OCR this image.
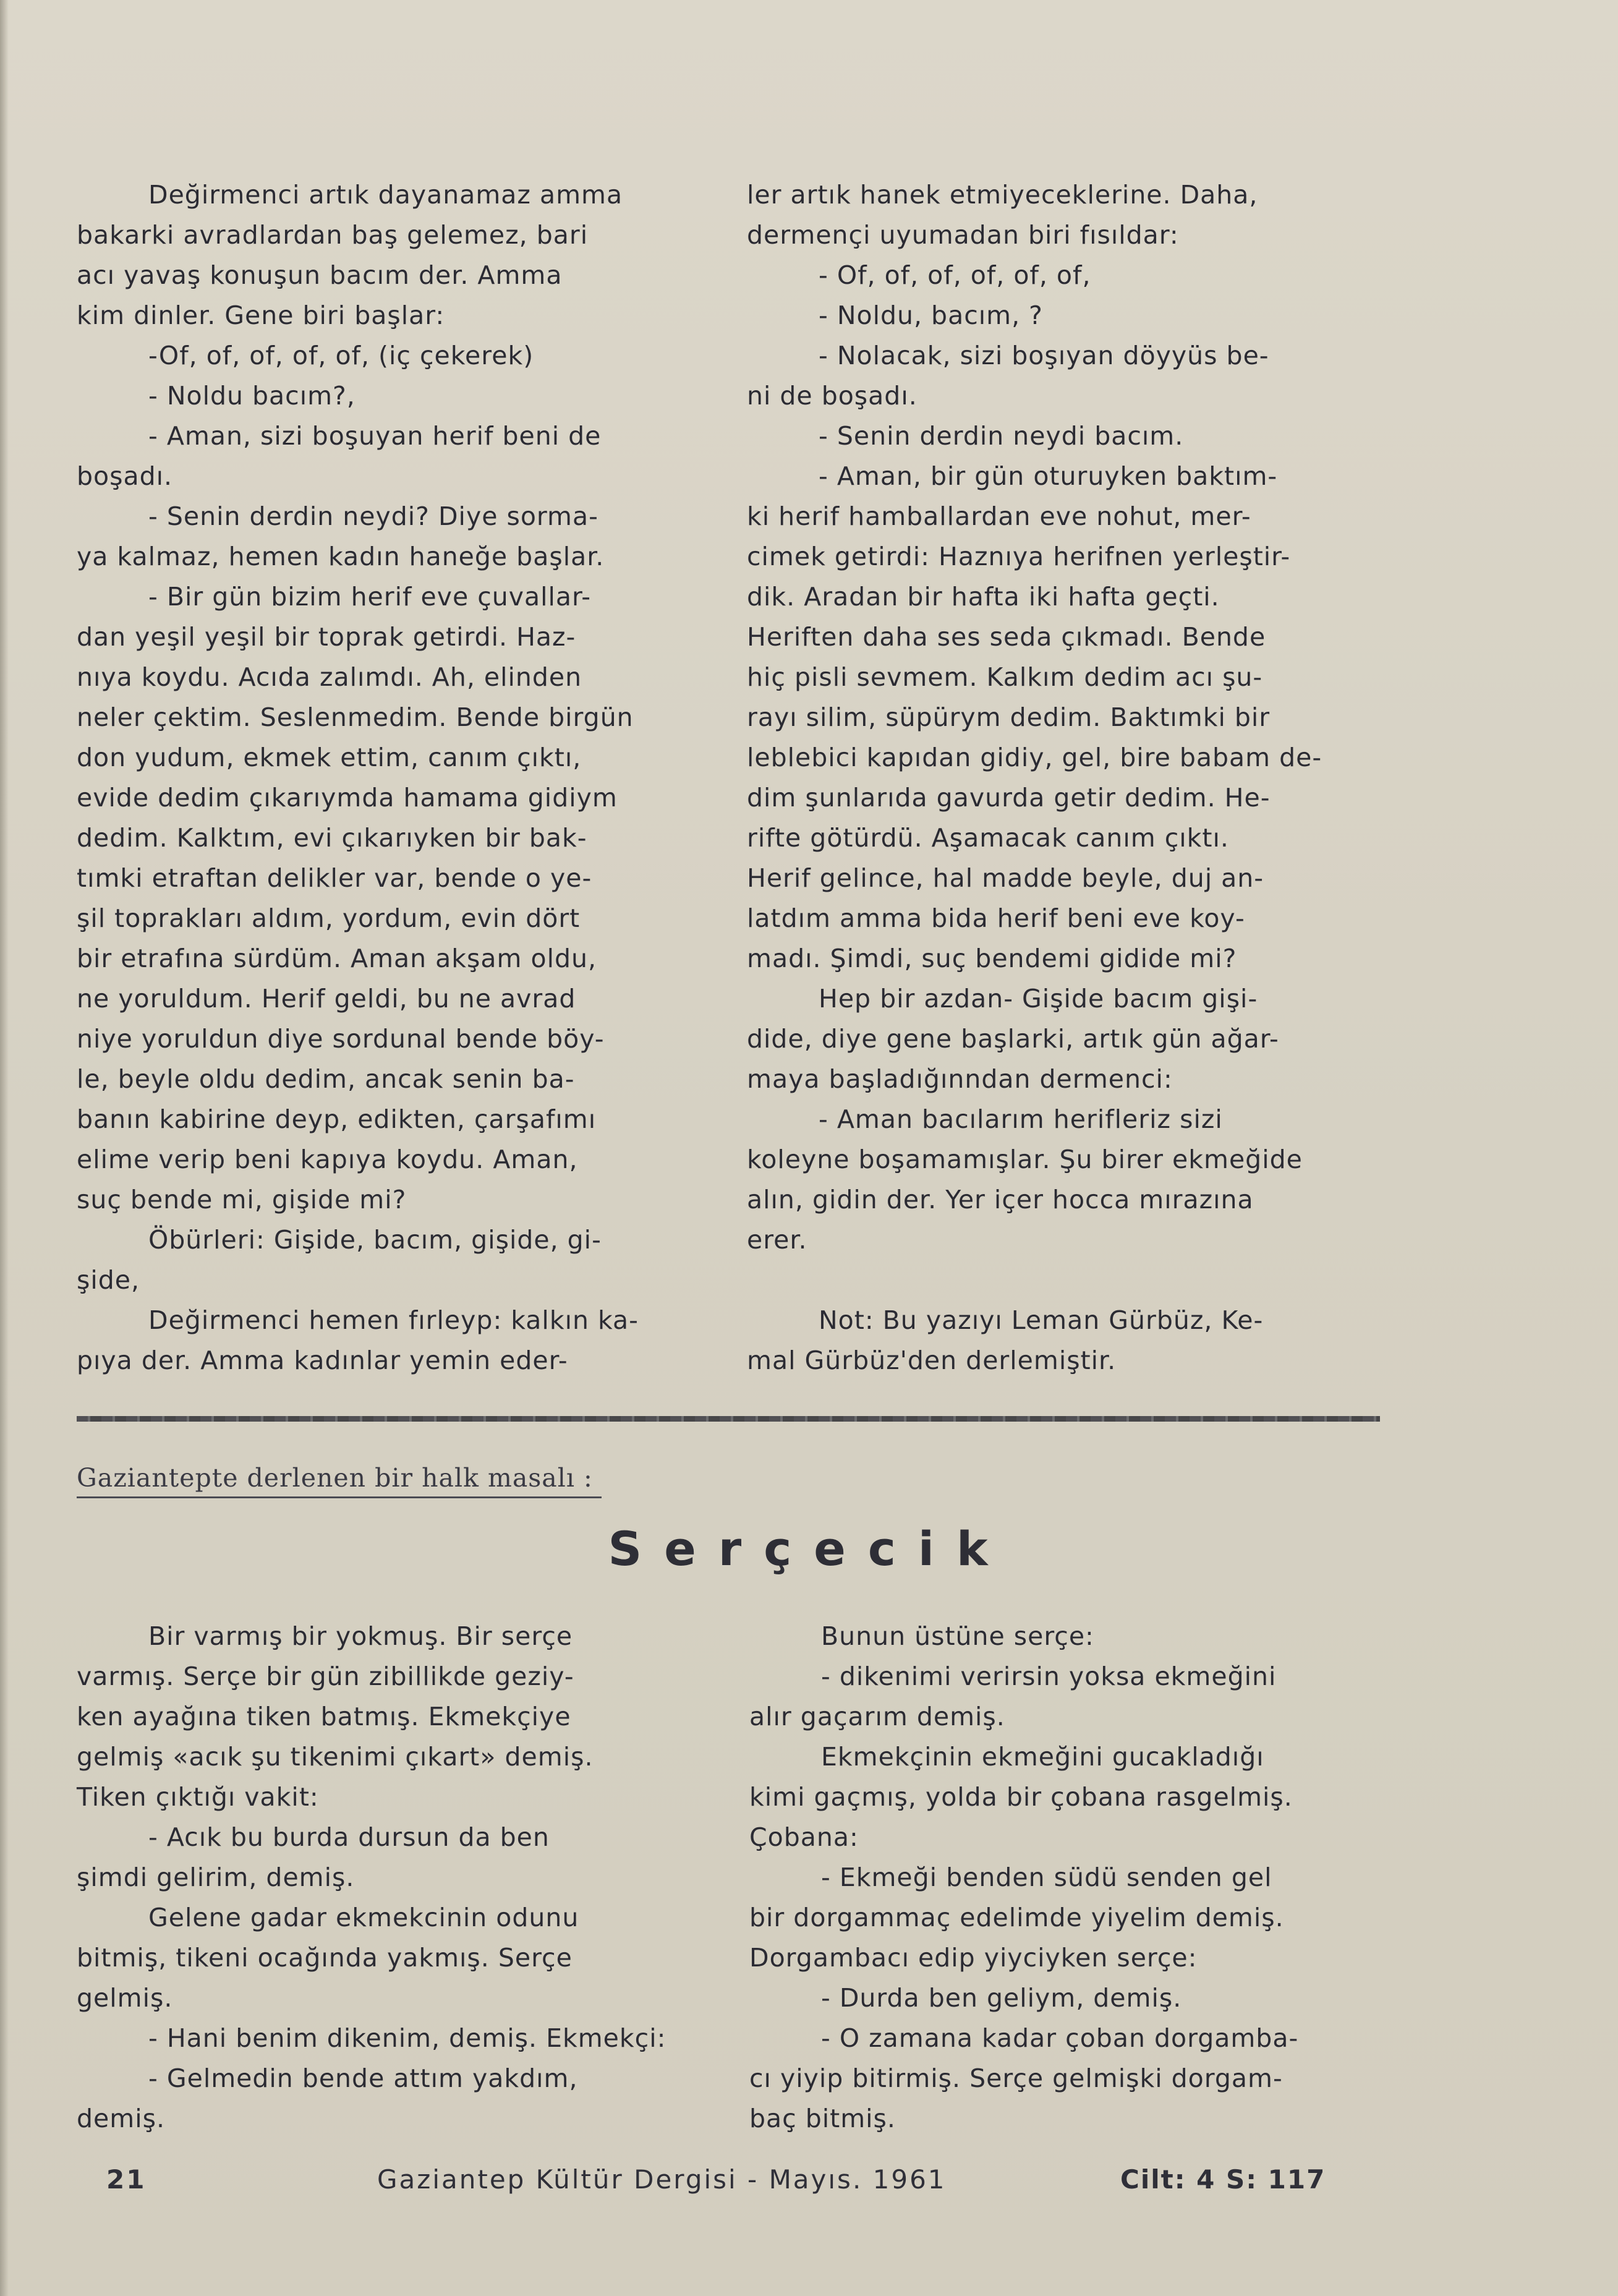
Değirmenci artık dayanamaz amma

bakarki avradlardan baş gelemez, bari

acı yavaş konuşun bacım der. Amma

kim dinler. Gene biri başlar:

-Of, of, of, of, of, (iç çekerek)

- Noldu bacım?,

- Aman, sizi boşuyan herif beni de

boşadı.

- Senin derdin neydi? Diye sorma-

ya kalmaz, hemen kadın haneğe başlar.

- Bir gün bizim herif eve çuvallar-

dan yeşil yeşil bir toprak getirdi. Haz-

nıya koydu. Acıda zalımdı. Ah, elinden

neler çektim. Seslenmedim. Bende birgün

don yudum, ekmek ettim, canım çıktı,

evide dedim çıkarıymda hamama gidiym

dedim. Kalktım, evi çıkarıyken bir bak-

tımki etraftan delikler var, bende o ye-

şil toprakları aldım, yordum, evin dört

bir etrafına sürdüm. Aman akşam oldu,

ne yoruldum. Herif geldi, bu ne avrad

niye yoruldun diye sordunal bende böy-

le, beyle oldu dedim, ancak senin ba-

banın kabirine deyp, edikten, çarşafımı

elime verip beni kapıya koydu. Aman,

suç bende mi, gişide mi?

Öbürleri: Gişide, bacım, gişide, gi-

şide,

Değirmenci hemen fırleyp: kalkın ka-

pıya der. Amma kadınlar yemin eder-

ler artık hanek etmiyeceklerine. Daha,

dermençi uyumadan biri fısıldar:

- Of, of, of, of, of, of,

- Noldu, bacım, ?

- Nolacak, sizi boşıyan döyyüs be-

ni de boşadı.

- Senin derdin neydi bacım.

- Aman, bir gün oturuyken baktım-

ki herif hamballardan eve nohut, mer-

cimek getirdi: Haznıya herifnen yerleştir-

dik. Aradan bir hafta iki hafta geçti.

Heriften daha ses seda çıkmadı. Bende

hiç pisli sevmem. Kalkım dedim acı şu-

rayı silim, süpürym dedim. Baktımki bir

leblebici kapıdan gidiy, gel, bire babam de-

dim şunlarıda gavurda getir dedim. He-

rifte götürdü. Aşamacak canım çıktı.

Herif gelince, hal madde beyle, duj an-

latdım amma bida herif beni eve koy-

madı. Şimdi, suç bendemi gidide mi?

Hep bir azdan- Gişide bacım gişi-

dide, diye gene başlarki, artık gün ağar-

maya başladığınndan dermenci:

- Aman bacılarım herifleriz sizi

koleyne boşamamışlar. Şu birer ekmeğide

alın, gidin der. Yer içer hocca mırazına

erer.

Not: Bu yazıyı Leman Gürbüz, Ke-

mal Gürbüz'den derlemiştir.

Gaziantepte derlenen bir halk masalı :
Serçecik

Bir varmış bir yokmuş. Bir serçe

varmış. Serçe bir gün zibillikde geziy-

ken ayağına tiken batmış. Ekmekçiye

gelmiş «acık şu tikenimi çıkart» demiş.

Tiken çıktığı vakit:

- Acık bu burda dursun da ben

şimdi gelirim, demiş.

Gelene gadar ekmekcinin odunu

bitmiş, tikeni ocağında yakmış. Serçe

gelmiş.

- Hani benim dikenim, demiş. Ekmekçi:

- Gelmedin bende attım yakdım,

demiş.

Bunun üstüne serçe:

- dikenimi verirsin yoksa ekmeğini

alır gaçarım demiş.

Ekmekçinin ekmeğini gucakladığı

kimi gaçmış, yolda bir çobana rasgelmiş.

Çobana:

- Ekmeği benden südü senden gel

bir dorgammaç edelimde yiyelim demiş.

Dorgambacı edip yiyciyken serçe:

- Durda ben geliym, demiş.

- O zamana kadar çoban dorgamba-

cı yiyip bitirmiş. Serçe gelmişki dorgam-

baç bitmiş.

21	Gaziantep Kültür Dergisi - Mayıs. 1961	Cilt: 4 S: 117
